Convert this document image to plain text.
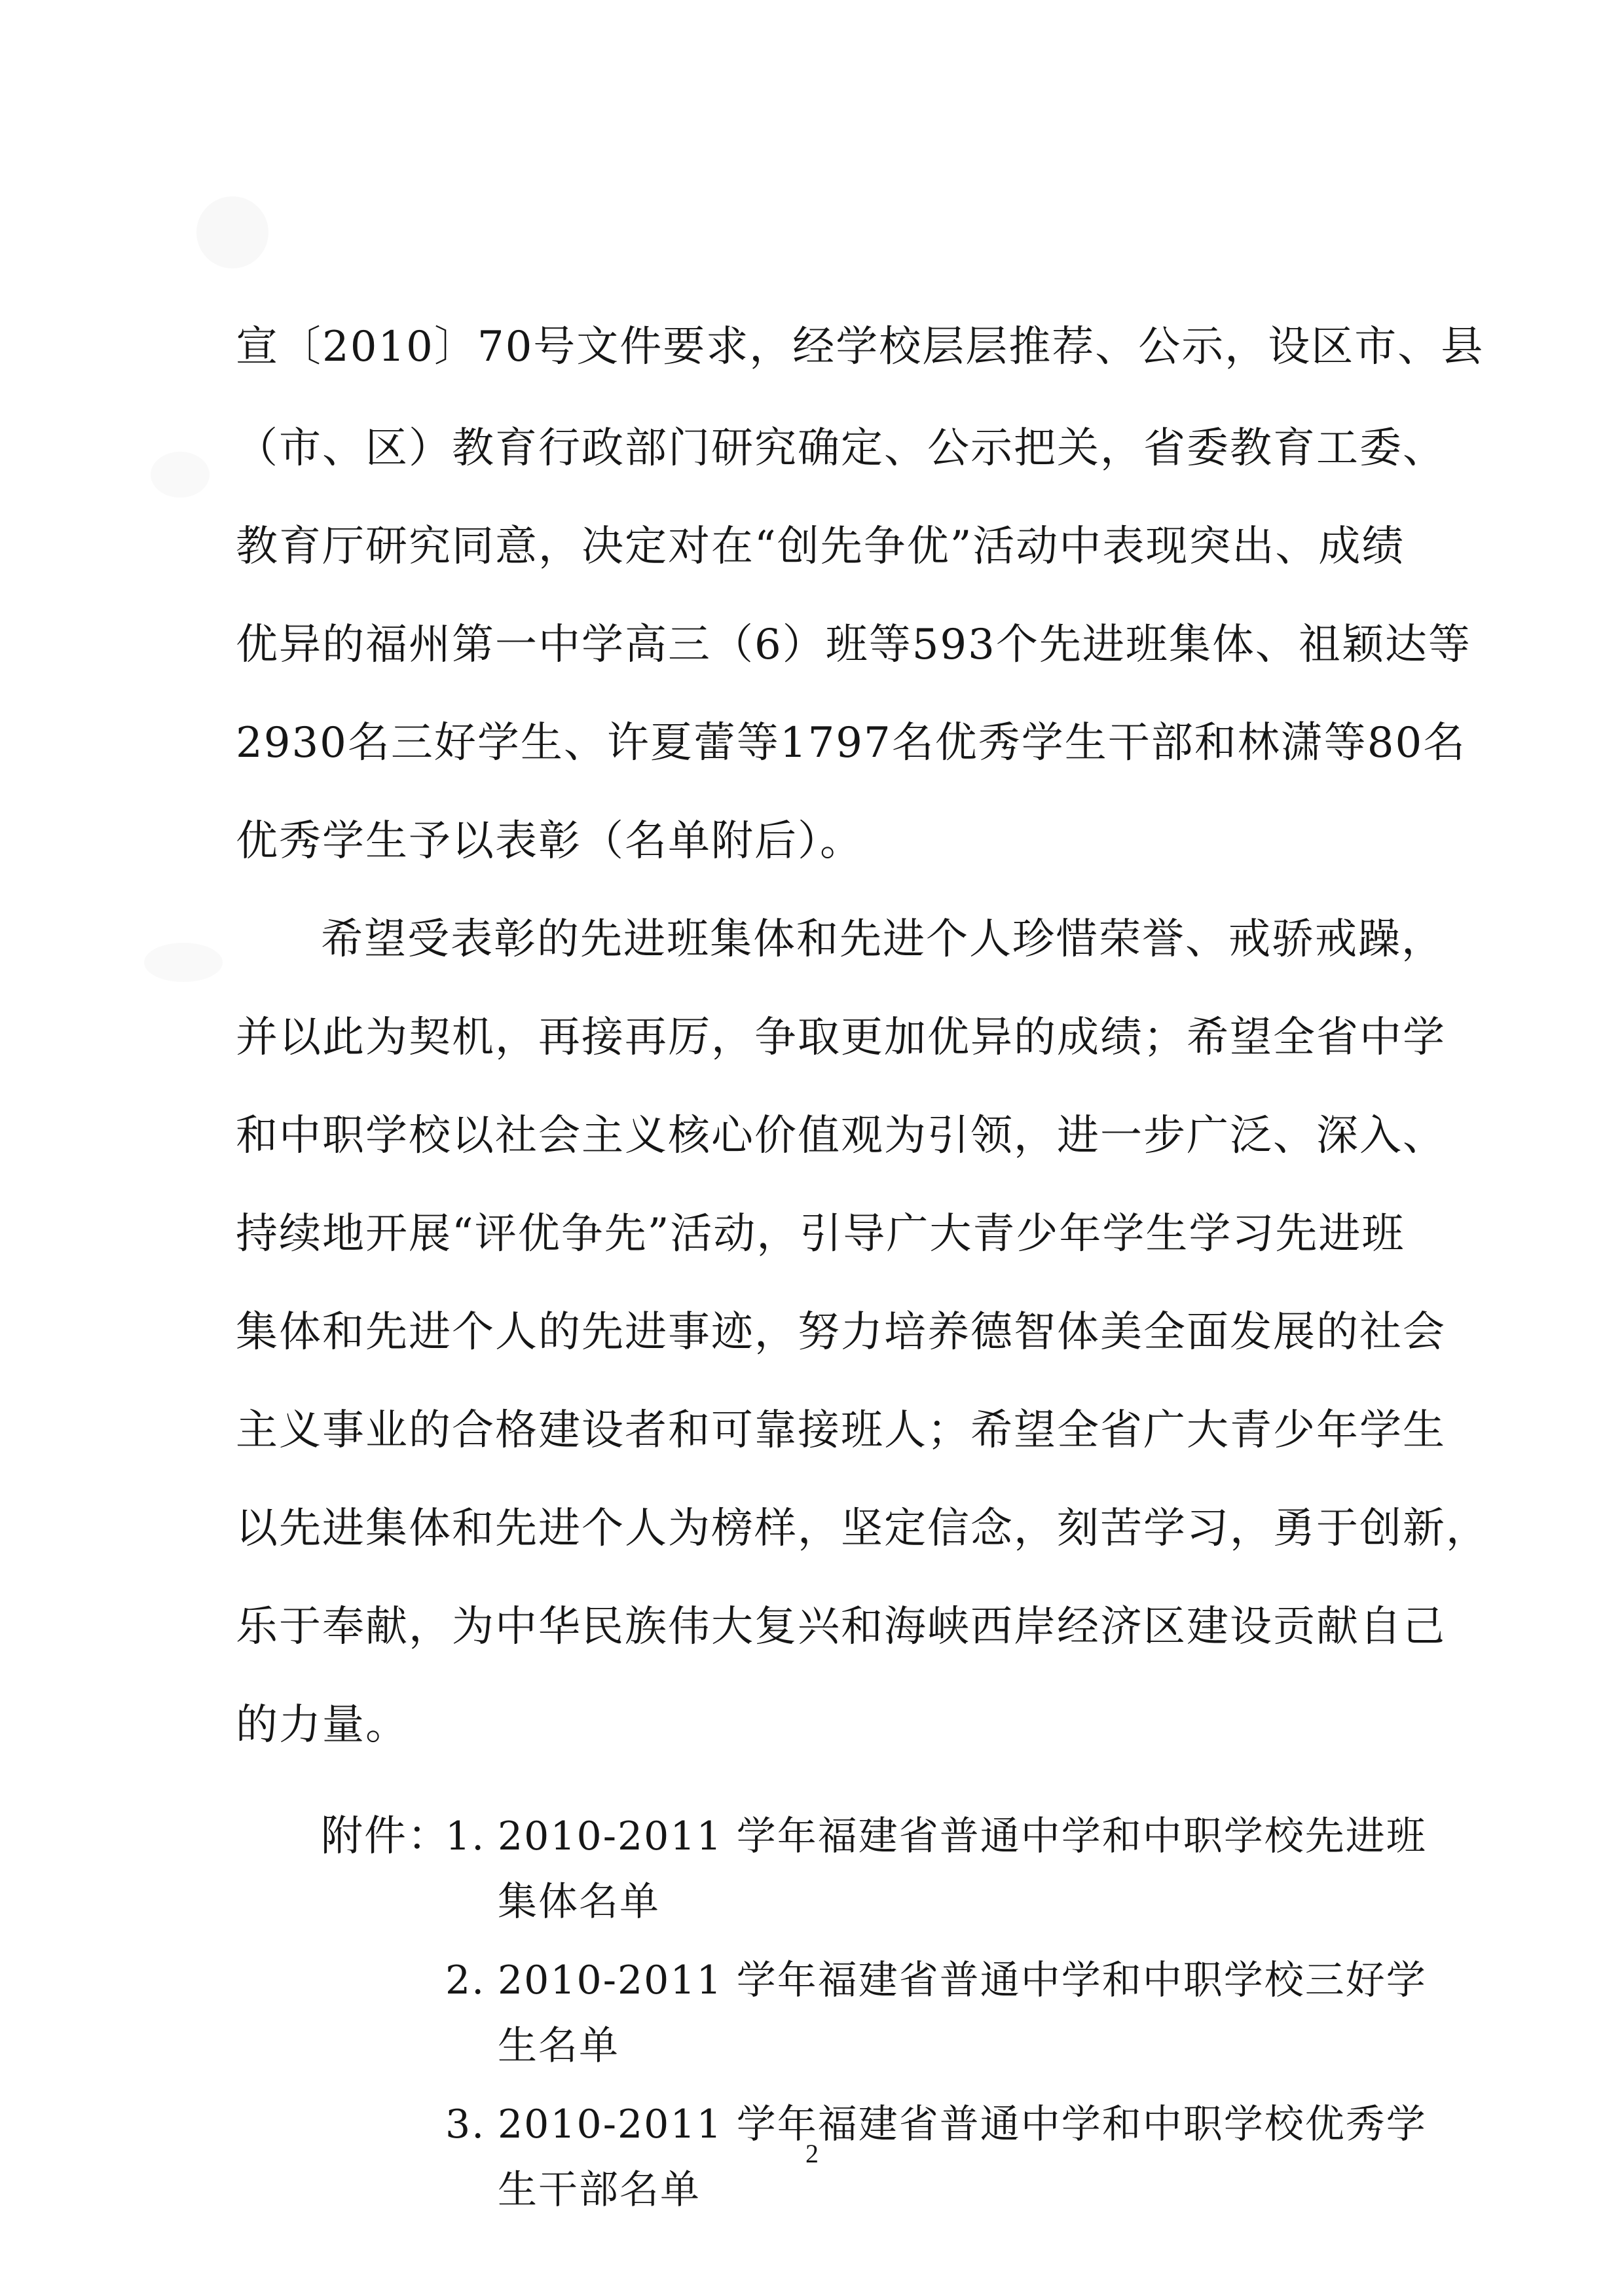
宣〔2010〕70号文件要求，经学校层层推荐、公示，设区市、县
（市、区）教育行政部门研究确定、公示把关，省委教育工委、
教育厅研究同意，决定对在“创先争优”活动中表现突出、成绩
优异的福州第一中学高三（6）班等593个先进班集体、祖颖达等
2930名三好学生、许夏蕾等1797名优秀学生干部和林潇等80名
优秀学生予以表彰（名单附后）。
希望受表彰的先进班集体和先进个人珍惜荣誉、戒骄戒躁，
并以此为契机，再接再厉，争取更加优异的成绩；希望全省中学
和中职学校以社会主义核心价值观为引领，进一步广泛、深入、
持续地开展“评优争先”活动，引导广大青少年学生学习先进班
集体和先进个人的先进事迹，努力培养德智体美全面发展的社会
主义事业的合格建设者和可靠接班人；希望全省广大青少年学生
以先进集体和先进个人为榜样，坚定信念，刻苦学习，勇于创新，
乐于奉献，为中华民族伟大复兴和海峡西岸经济区建设贡献自己
的力量。
附件：
1. 2010-2011 学年福建省普通中学和中职学校先进班
集体名单
2. 2010-2011 学年福建省普通中学和中职学校三好学
生名单
3. 2010-2011 学年福建省普通中学和中职学校优秀学
生干部名单
2
